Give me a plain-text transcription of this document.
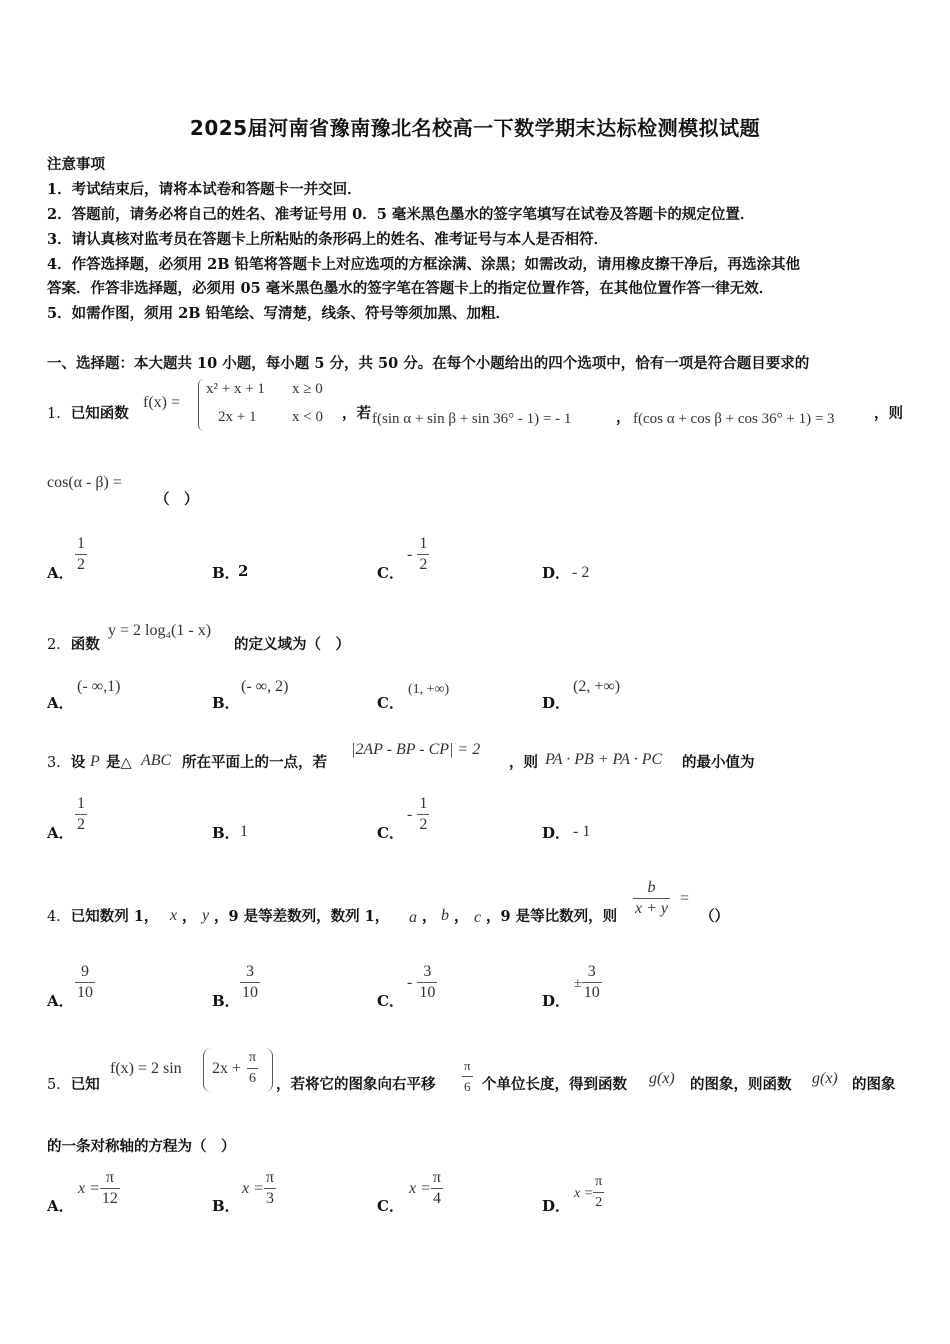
2025届河南省豫南豫北名校高一下数学期末达标检测模拟试题
注意事项
1．考试结束后，请将本试卷和答题卡一并交回．
2．答题前，请务必将自己的姓名、准考证号用 0．5 毫米黑色墨水的签字笔填写在试卷及答题卡的规定位置．
3．请认真核对监考员在答题卡上所粘贴的条形码上的姓名、准考证号与本人是否相符．
4．作答选择题，必须用 2B 铅笔将答题卡上对应选项的方框涂满、涂黑；如需改动，请用橡皮擦干净后，再选涂其他
答案．作答非选择题，必须用 05 毫米黑色墨水的签字笔在答题卡上的指定位置作答，在其他位置作答一律无效．
5．如需作图，须用 2B 铅笔绘、写清楚，线条、符号等须加黑、加粗．
一、选择题：本大题共 10 小题，每小题 5 分，共 50 分。在每个小题给出的四个选项中，恰有一项是符合题目要求的
1．已知函数
f(x) =
x² + x + 1 x ≥ 0
2x + 1 x < 0 ，若 f(sin α + sin β + sin 36° - 1) = - 1	， f(cos α + cos β + cos 36° + 1) = 3	，则
cos(α - β) =
（　）
A． $\frac{1}{2}$	B．
2	C．
- $\frac{1}{2}$	D． - 2
2．函数
y = 2 log₄(1 - x)
的定义域为（　）
A．
(- ∞,1)
B．
(- ∞, 2)
C．
(1, +∞)
D．
(2, +∞)
3．设 P 是△ ABC 所在平面上的一点，若
|2AP - BP - CP| = 2
，则 PA · PB + PA · PC 的最小值为
A． $\frac{1}{2}$	B． 1	C．
- $\frac{1}{2}$	D． - 1
4．已知数列 1， x ， y ，9 是等差数列，数列 1， a ， b ， c ，9 是等比数列，则 $\frac{b}{x + y}$ =
（）
A． $\frac{9}{10}$	B． $\frac{3}{10}$	C．
- $\frac{3}{10}$	D．
± $\frac{3}{10}$
5．已知
f(x) = 2 $\sin 2x + \frac{\pi}{6}$ ，若将它的图象向右平移 $\frac{\pi}{6}$ 个单位长度，得到函数 g(x) 的图象，则函数 g(x) 的图象
的一条对称轴的方程为（　）
A．
$x = \frac{\pi}{12}$	B．
$x = \frac{\pi}{3}$	C．
$x = \frac{\pi}{4}$	D．
$x = \frac{\pi}{2}$
